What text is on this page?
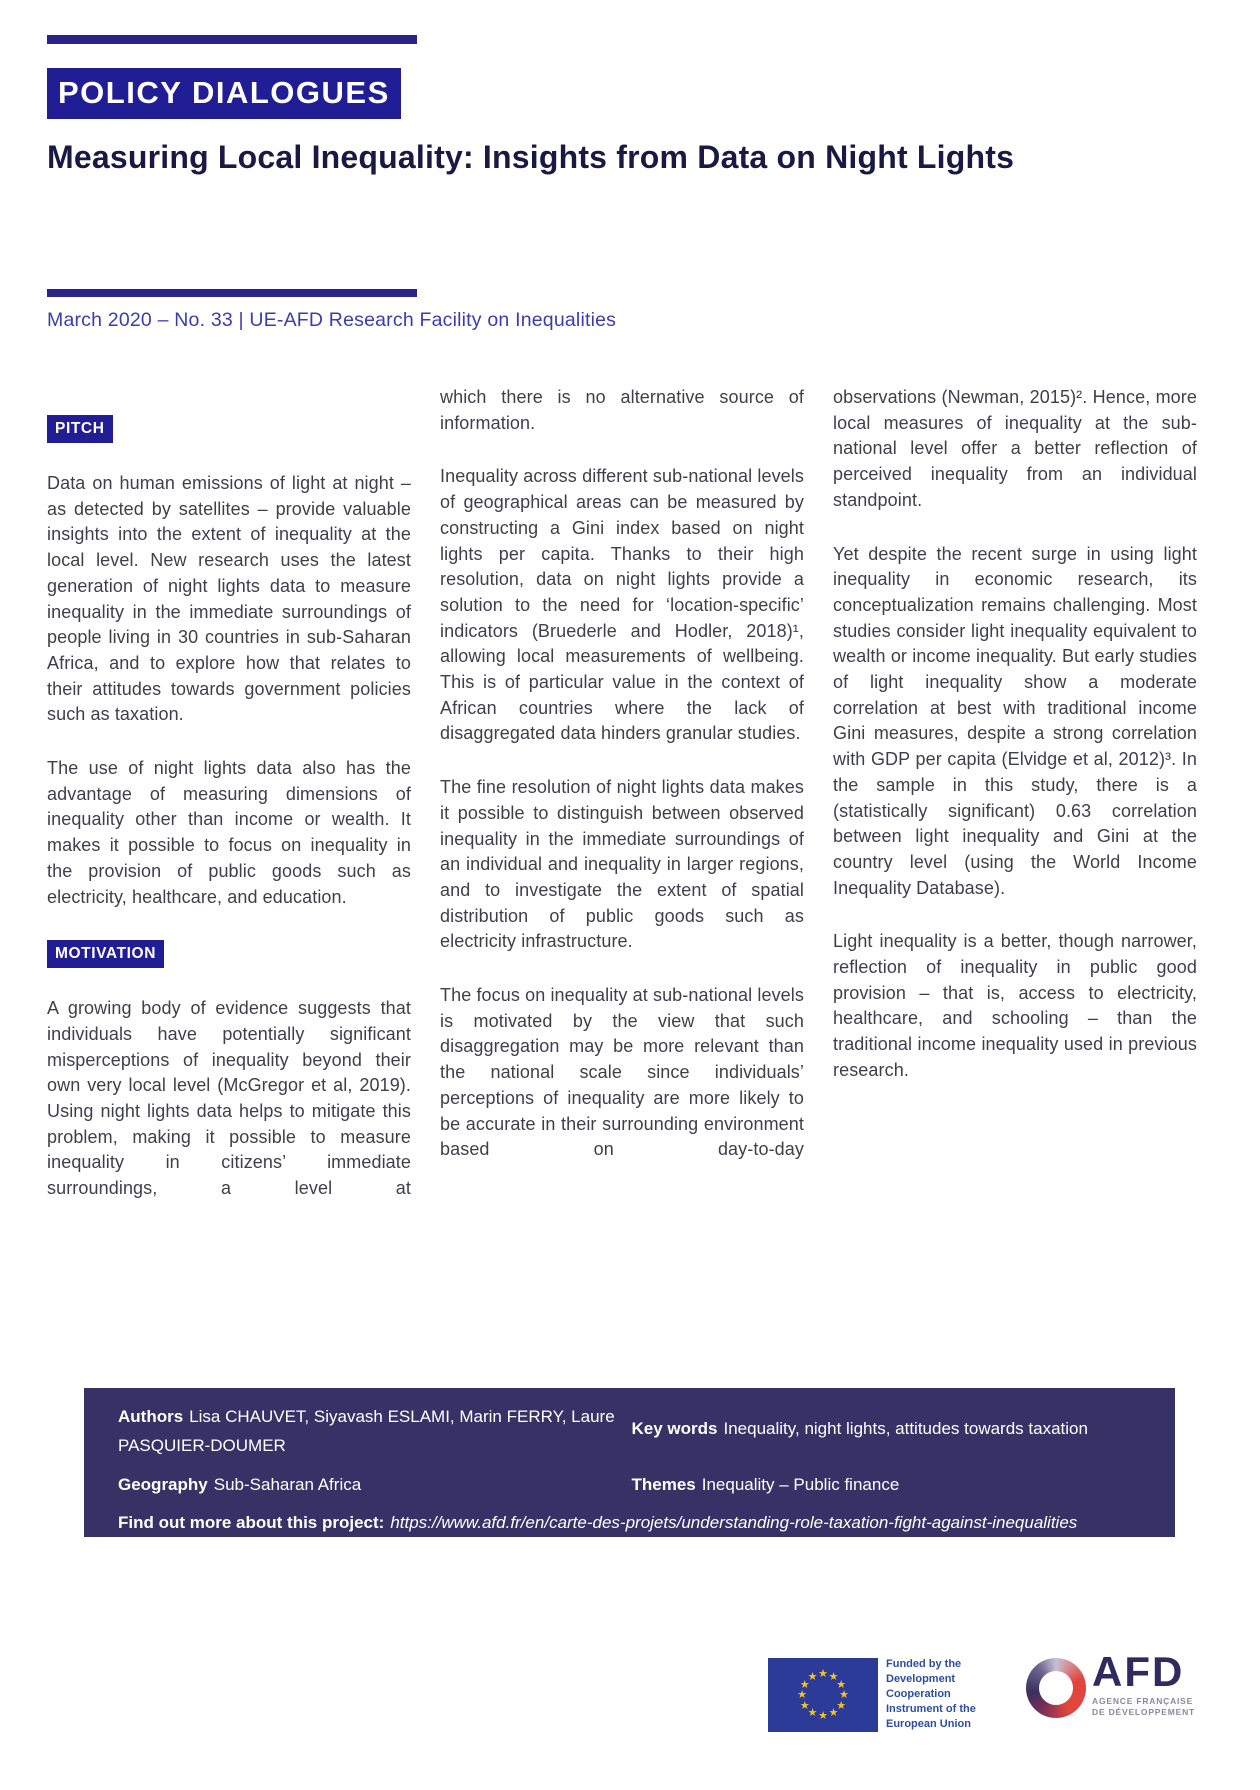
POLICY DIALOGUES
Measuring Local Inequality: Insights from Data on Night Lights
March 2020 – No. 33 | UE-AFD Research Facility on Inequalities
PITCH

Data on human emissions of light at night – as detected by satellites – provide valuable insights into the extent of inequality at the local level. New research uses the latest generation of night lights data to measure inequality in the immediate surroundings of people living in 30 countries in sub-Saharan Africa, and to explore how that relates to their attitudes towards government policies such as taxation.

The use of night lights data also has the advantage of measuring dimensions of inequality other than income or wealth. It makes it possible to focus on inequality in the provision of public goods such as electricity, healthcare, and education.

MOTIVATION

A growing body of evidence suggests that individuals have potentially significant misperceptions of inequality beyond their own very local level (McGregor et al, 2019). Using night lights data helps to mitigate this problem, making it possible to measure inequality in citizens’ immediate surroundings, a level at

which there is no alternative source of information.

Inequality across different sub-national levels of geographical areas can be measured by constructing a Gini index based on night lights per capita. Thanks to their high resolution, data on night lights provide a solution to the need for ‘location-specific’ indicators (Bruederle and Hodler, 2018)¹, allowing local measurements of wellbeing. This is of particular value in the context of African countries where the lack of disaggregated data hinders granular studies.

The fine resolution of night lights data makes it possible to distinguish between observed inequality in the immediate surroundings of an individual and inequality in larger regions, and to investigate the extent of spatial distribution of public goods such as electricity infrastructure.

The focus on inequality at sub-national levels is motivated by the view that such disaggregation may be more relevant than the national scale since individuals’ perceptions of inequality are more likely to be accurate in their surrounding environment based on day-to-day

observations (Newman, 2015)². Hence, more local measures of inequality at the sub-national level offer a better reflection of perceived inequality from an individual standpoint.

Yet despite the recent surge in using light inequality in economic research, its conceptualization remains challenging. Most studies consider light inequality equivalent to wealth or income inequality. But early studies of light inequality show a moderate correlation at best with traditional income Gini measures, despite a strong correlation with GDP per capita (Elvidge et al, 2012)³. In the sample in this study, there is a (statistically significant) 0.63 correlation between light inequality and Gini at the country level (using the World Income Inequality Database).

Light inequality is a better, though narrower, reflection of inequality in public good provision – that is, access to electricity, healthcare, and schooling – than the traditional income inequality used in previous research.

Authors Lisa CHAUVET, Siyavash ESLAMI, Marin FERRY, Laure PASQUIER-DOUMER
Key words Inequality, night lights, attitudes towards taxation
Geography Sub-Saharan Africa	Themes Inequality – Public finance
Find out more about this project: https://www.afd.fr/en/carte-des-projets/understanding-role-taxation-fight-against-inequalities
★ ★
★
★
★
★
★
★
★
★
★
★
Funded by the
Development
Cooperation
Instrument of the
European Union
AFD
AGENCE FRANÇAISE
DE DÉVELOPPEMENT
